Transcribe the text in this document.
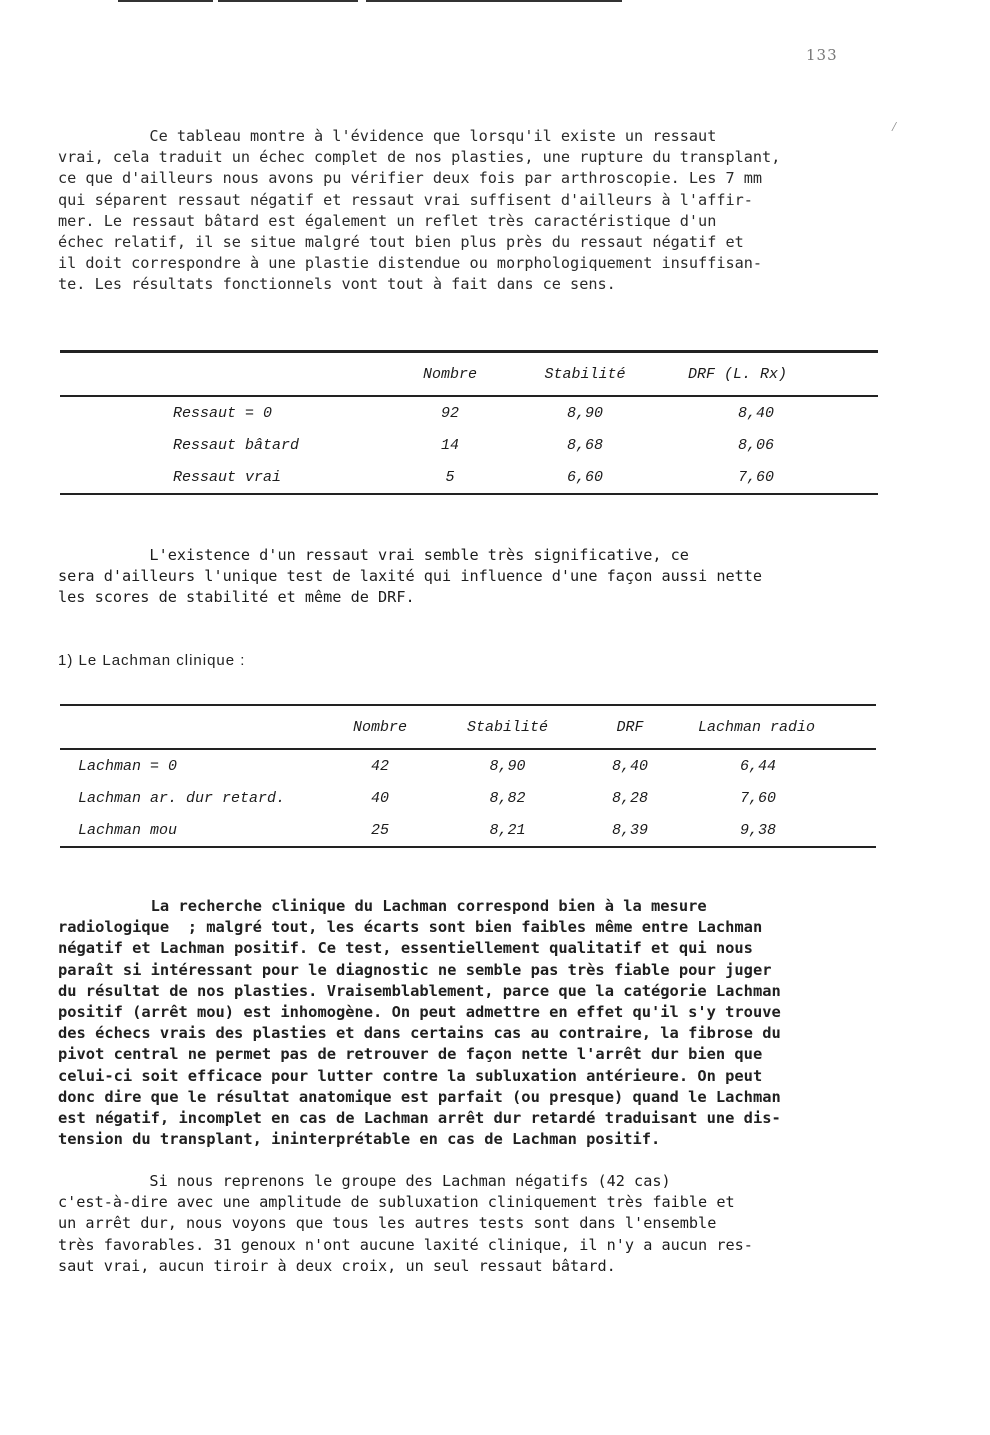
133
Ce tableau montre à l'évidence que lorsqu'il existe un ressaut
vrai, cela traduit un échec complet de nos plasties, une rupture du transplant,
ce que d'ailleurs nous avons pu vérifier deux fois par arthroscopie. Les 7 mm
qui séparent ressaut négatif et ressaut vrai suffisent d'ailleurs à l'affir-
mer. Le ressaut bâtard est également un reflet très caractéristique d'un
échec relatif, il se situe malgré tout bien plus près du ressaut négatif et
il doit correspondre à une plastie distendue ou morphologiquement insuffisan-
te. Les résultats fonctionnels vont tout à fait dans ce sens.
⁄
	Nombre	Stabilité	DRF (L. Rx)
Ressaut = 0	92	8,90	8,40
Ressaut bâtard	14	8,68	8,06
Ressaut vrai	5	6,60	7,60
L'existence d'un ressaut vrai semble très significative, ce
sera d'ailleurs l'unique test de laxité qui influence d'une façon aussi nette
les scores de stabilité et même de DRF.
1) Le Lachman clinique :
	Nombre	Stabilité	DRF	Lachman radio
Lachman = 0	42	8,90	8,40	6,44
Lachman ar. dur retard.	40	8,82	8,28	7,60
Lachman mou	25	8,21	8,39	9,38
La recherche clinique du Lachman correspond bien à la mesure
radiologique  ; malgré tout, les écarts sont bien faibles même entre Lachman
négatif et Lachman positif. Ce test, essentiellement qualitatif et qui nous
paraît si intéressant pour le diagnostic ne semble pas très fiable pour juger
du résultat de nos plasties. Vraisemblablement, parce que la catégorie Lachman
positif (arrêt mou) est inhomogène. On peut admettre en effet qu'il s'y trouve
des échecs vrais des plasties et dans certains cas au contraire, la fibrose du
pivot central ne permet pas de retrouver de façon nette l'arrêt dur bien que
celui-ci soit efficace pour lutter contre la subluxation antérieure. On peut
donc dire que le résultat anatomique est parfait (ou presque) quand le Lachman
est négatif, incomplet en cas de Lachman arrêt dur retardé traduisant une dis-
tension du transplant, ininterprétable en cas de Lachman positif.
Si nous reprenons le groupe des Lachman négatifs (42 cas)
c'est-à-dire avec une amplitude de subluxation cliniquement très faible et
un arrêt dur, nous voyons que tous les autres tests sont dans l'ensemble
très favorables. 31 genoux n'ont aucune laxité clinique, il n'y a aucun res-
saut vrai, aucun tiroir à deux croix, un seul ressaut bâtard.
